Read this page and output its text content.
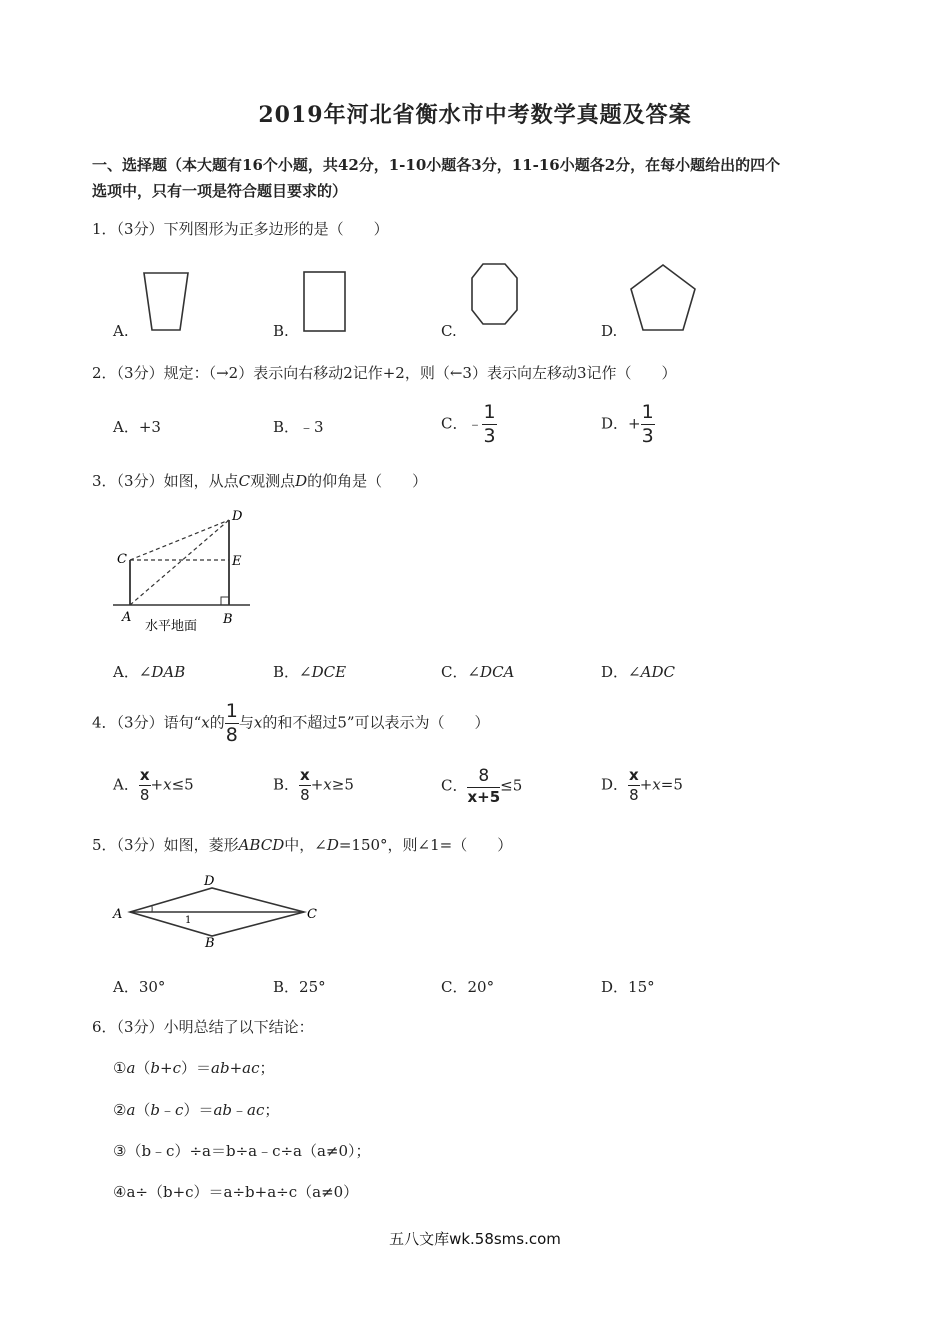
2019年河北省衡水市中考数学真题及答案
一、选择题（本大题有16个小题，共42分，1-10小题各3分，11-16小题各2分，在每小题给出的四个
选项中，只有一项是符合题目要求的）
1．（3分）下列图形为正多边形的是（　　）
A.	B.	C.	D.
2．（3分）规定：（→2）表示向右移动2记作+2，则（←3）表示向左移动3记作（　　）
A．+3	B．﹣3	C．﹣ $\frac{1}{3}$	D．+ $\frac{1}{3}$
3．（3分）如图，从点C观测点D的仰角是（　　）
D
C	E
A	B
水平地面
A．∠DAB	B．∠DCE	C．∠DCA	D．∠ADC
4．（3分）语句“x的 $\frac{1}{8}$ 与x的和不超过5”可以表示为（　　）
A． $\frac{x}{8} +x\le 5$	B． $\frac{x}{8} +x\ge 5$	C． $\frac{8}{x+5} \le 5$	D． $\frac{x}{8} +x=5$
5．（3分）如图，菱形ABCD中，∠D=150°，则∠1=（　　）
D
A	C
B
1
A．30°	B．25°	C．20°	D．15°
6．（3分）小明总结了以下结论：
①a（b+c）＝ab+ac；
②a（b﹣c）＝ab﹣ac；
③（b﹣c）÷a＝b÷a﹣c÷a（a≠0）；
④a÷（b+c）＝a÷b+a÷c（a≠0）
五八文库wk.58sms.com
